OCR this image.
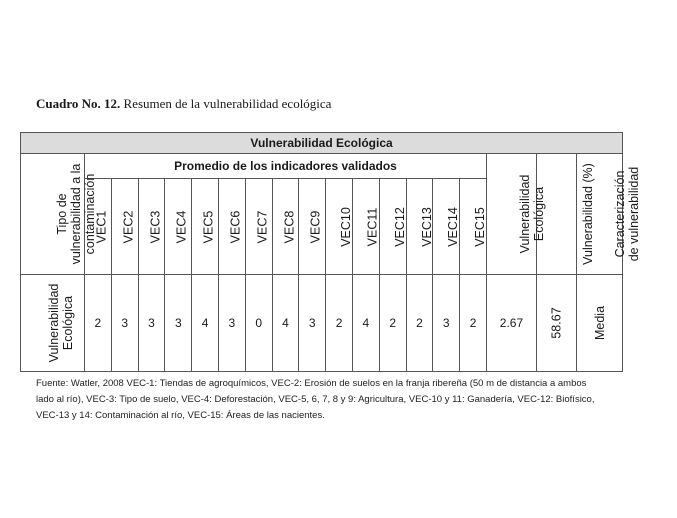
Cuadro No. 12. Resumen de la vulnerabilidad ecológica
Vulnerabilidad Ecológica																		
Tipo de vulnerabilidad a la contaminación	Promedio de los indicadores validados															Vulnerabilidad Ecológica	Vulnerabilidad (%)	Caracterización de vulnerabilidad
	VEC1	VEC2	VEC3	VEC4	VEC5	VEC6	VEC7	VEC8	VEC9	VEC10	VEC11	VEC12	VEC13	VEC14	VEC15			
Vulnerabilidad Ecológica	2	3	3	3	4	3	0	4	3	2	4	2	2	3	2	2.67	58.67	Media
Fuente: Watler, 2008 VEC-1: Tiendas de agroquímicos, VEC-2: Erosión de suelos en la franja ribereña (50 m de distancia a ambos lado al río), VEC-3: Tipo de suelo, VEC-4: Deforestación, VEC-5, 6, 7, 8 y 9: Agricultura, VEC-10 y 11: Ganadería, VEC-12: Biofísico, VEC-13 y 14: Contaminación al río, VEC-15: Áreas de las nacientes.
